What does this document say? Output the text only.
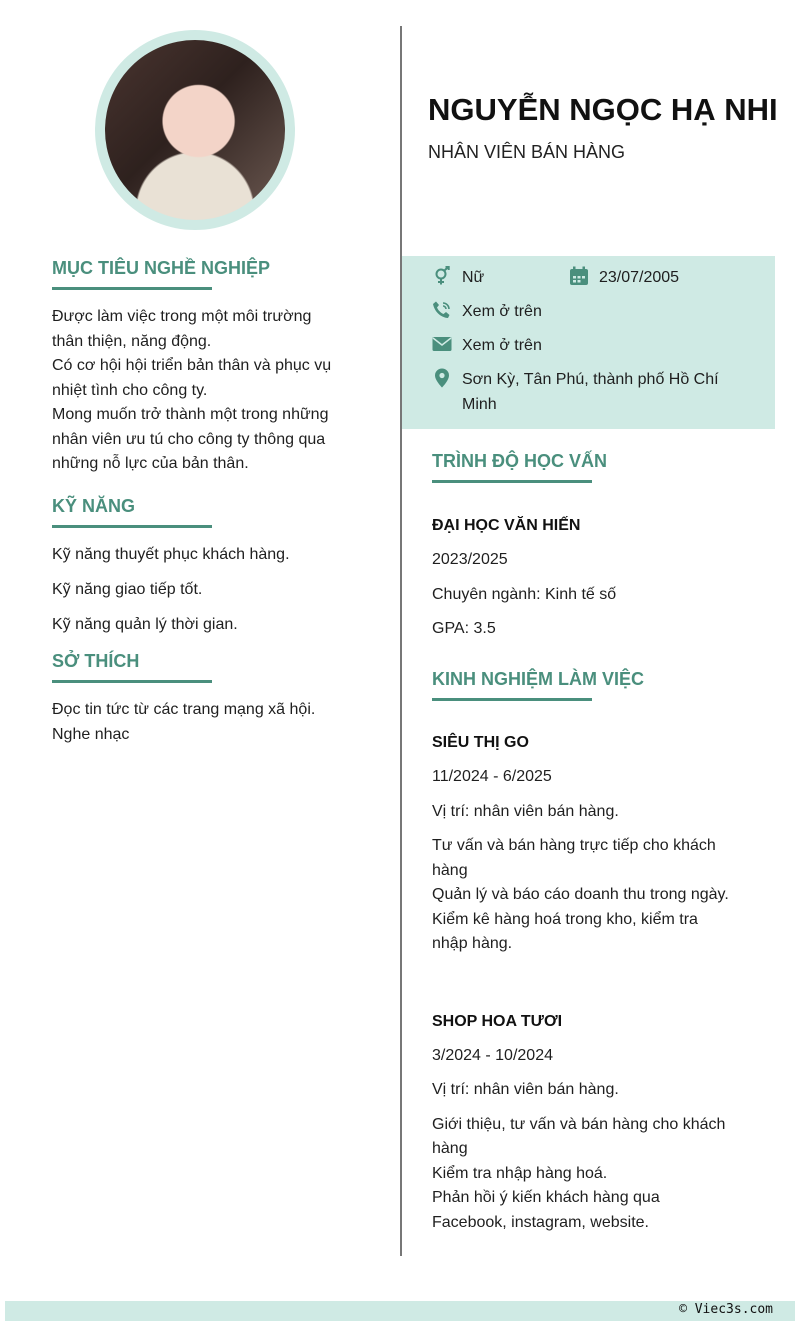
MỤC TIÊU NGHỀ NGHIỆP

Được làm việc trong một môi trường

thân thiện, năng động.

Có cơ hội hội triển bản thân và phục vụ

nhiệt tình cho công ty.

Mong muốn trở thành một trong những

nhân viên ưu tú cho công ty thông qua

những nỗ lực của bản thân.

KỸ NĂNG

Kỹ năng thuyết phục khách hàng.

Kỹ năng giao tiếp tốt.

Kỹ năng quản lý thời gian.

SỞ THÍCH

Đọc tin tức từ các trang mạng xã hội.

Nghe nhạc

NGUYỄN NGỌC HẠ NHI

NHÂN VIÊN BÁN HÀNG

Nữ	23/07/2005
Xem ở trên
Xem ở trên
Sơn Kỳ, Tân Phú, thành phố Hồ Chí
Minh
TRÌNH ĐỘ HỌC VẤN

ĐẠI HỌC VĂN HIẾN

2023/2025

Chuyên ngành: Kinh tế số

GPA: 3.5

KINH NGHIỆM LÀM VIỆC

SIÊU THỊ GO

11/2024 - 6/2025

Vị trí: nhân viên bán hàng.

Tư vấn và bán hàng trực tiếp cho khách

hàng

Quản lý và báo cáo doanh thu trong ngày.

Kiểm kê hàng hoá trong kho, kiểm tra

nhập hàng.

SHOP HOA TƯƠI

3/2024 - 10/2024

Vị trí: nhân viên bán hàng.

Giới thiệu, tư vấn và bán hàng cho khách

hàng

Kiểm tra nhập hàng hoá.

Phản hồi ý kiến khách hàng qua

Facebook, instagram, website.

© Viec3s.com
